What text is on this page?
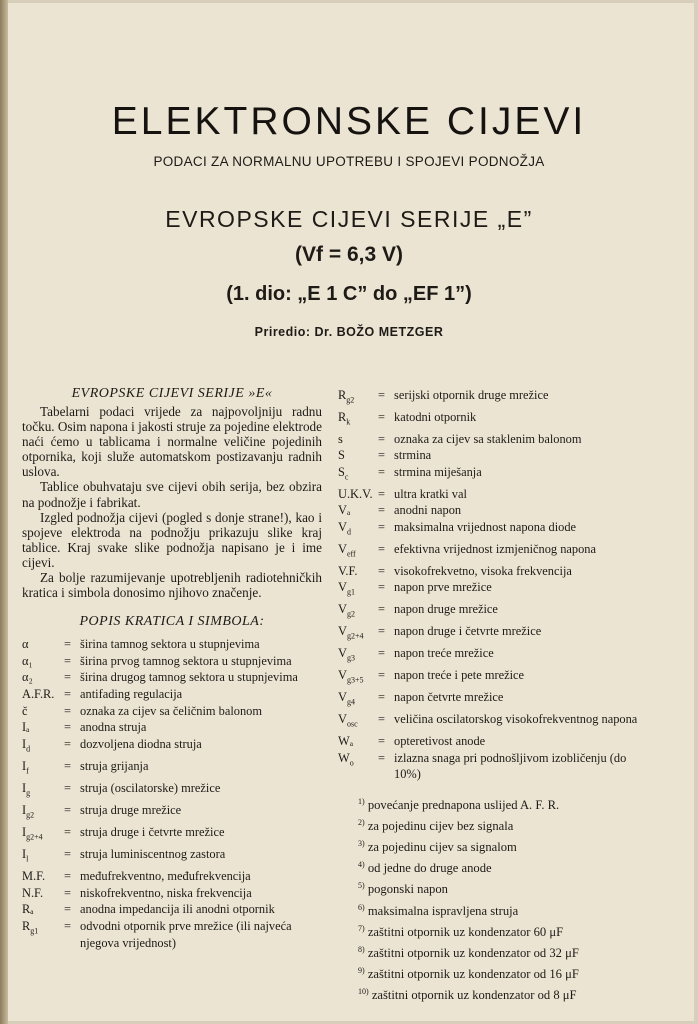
ELEKTRONSKE CIJEVI
PODACI ZA NORMALNU UPOTREBU I SPOJEVI PODNOŽJA
EVROPSKE CIJEVI SERIJE „E”
(Vf = 6,3 V)
(1. dio: „E 1 C” do „EF 1”)
Priredio: Dr. BOŽO METZGER
EVROPSKE CIJEVI SERIJE »E«
Tabelarni podaci vrijede za najpovoljniju radnu točku. Osim napona i jakosti struje za pojedine elektrode naći ćemo u tablicama i normalne veličine pojedinih otpornika, koji služe automatskom postizavanju radnih uslova.
Tablice obuhvataju sve cijevi obih serija, bez obzira na podnožje i fabrikat.
Izgled podnožja cijevi (pogled s donje strane!), kao i spojeve elektroda na podnožju prikazuju slike kraj tablice. Kraj svake slike podnožja napisano je i ime cijevi.
Za bolje razumijevanje upotrebljenih radiotehničkih kratica i simbola donosimo njihovo značenje.
POPIS KRATICA I SIMBOLA:
α	= širina tamnog sektora u stupnjevima
α₁	= širina prvog tamnog sektora u stupnjevima
α₂	= širina drugog tamnog sektora u stupnjevima
A.F.R. = antifading regulacija
č	= oznaka za cijev sa čeličnim balonom
Iₐ	= anodna struja
$I_d$	= dozvoljena diodna struja
$I_f$	= struja grijanja
$I_g$	= struja (oscilatorske) mrežice
$I_{g2}$	= struja druge mrežice
$I_{g2+4}$	= struja druge i četvrte mrežice
$I_l$	= struja luminiscentnog zastora
M.F.	= međufrekventno, međufrekvencija
N.F.	= niskofrekventno, niska frekvencija
Rₐ	= anodna impedancija ili anodni otpornik
$R_{g1}$	= odvodni otpornik prve mrežice (ili najveća njegova vrijednost)
$R_{g2}$	= serijski otpornik druge mrežice
$R_k$	= katodni otpornik
s	= oznaka za cijev sa staklenim balonom
S	= strmina
$S_c$	= strmina miješanja
U.K.V. = ultra kratki val
Vₐ	= anodni napon
$V_d$	= maksimalna vrijednost napona diode
$V_{eff}$	= efektivna vrijednost izmjeničnog napona
V.F.	= visokofrekvetno, visoka frekvencija
$V_{g1}$	= napon prve mrežice
$V_{g2}$	= napon druge mrežice
$V_{g2+4}$	= napon druge i četvrte mrežice
$V_{g3}$	= napon treće mrežice
$V_{g3+5}$	= napon treće i pete mrežice
$V_{g4}$	= napon četvrte mrežice
$V_{osc}$	= veličina oscilatorskog visokofrekventnog napona
Wₐ	= opteretivost anode
$W_o$	= izlazna snaga pri podnošljivom izobličenju (do 10%)
$^{1)}$ povećanje prednapona uslijed A. F. R.
$^{2)}$ za pojedinu cijev bez signala
$^{3)}$ za pojedinu cijev sa signalom
$^{4)}$ od jedne do druge anode
$^{5)}$ pogonski napon
$^{6)}$ maksimalna ispravljena struja
$^{7)}$ zaštitni otpornik uz kondenzator 60 μF
$^{8)}$ zaštitni otpornik uz kondenzator od 32 μF
$^{9)}$ zaštitni otpornik uz kondenzator od 16 μF
$^{10)}$ zaštitni otpornik uz kondenzator od 8 μF
